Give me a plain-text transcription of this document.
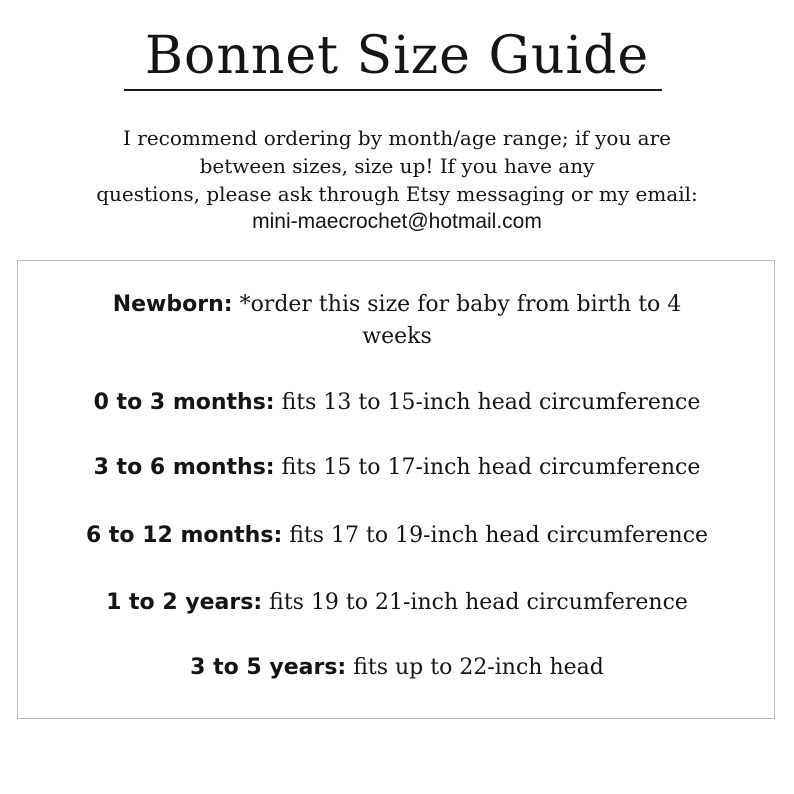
Bonnet Size Guide
I recommend ordering by month/age range; if you are
between sizes, size up! If you have any
questions, please ask through Etsy messaging or my email:
mini-maecrochet@hotmail.com
Newborn: *order this size for baby from birth to 4
weeks
0 to 3 months: fits 13 to 15-inch head circumference
3 to 6 months: fits 15 to 17-inch head circumference
6 to 12 months: fits 17 to 19-inch head circumference
1 to 2 years: fits 19 to 21-inch head circumference
3 to 5 years: fits up to 22-inch head
